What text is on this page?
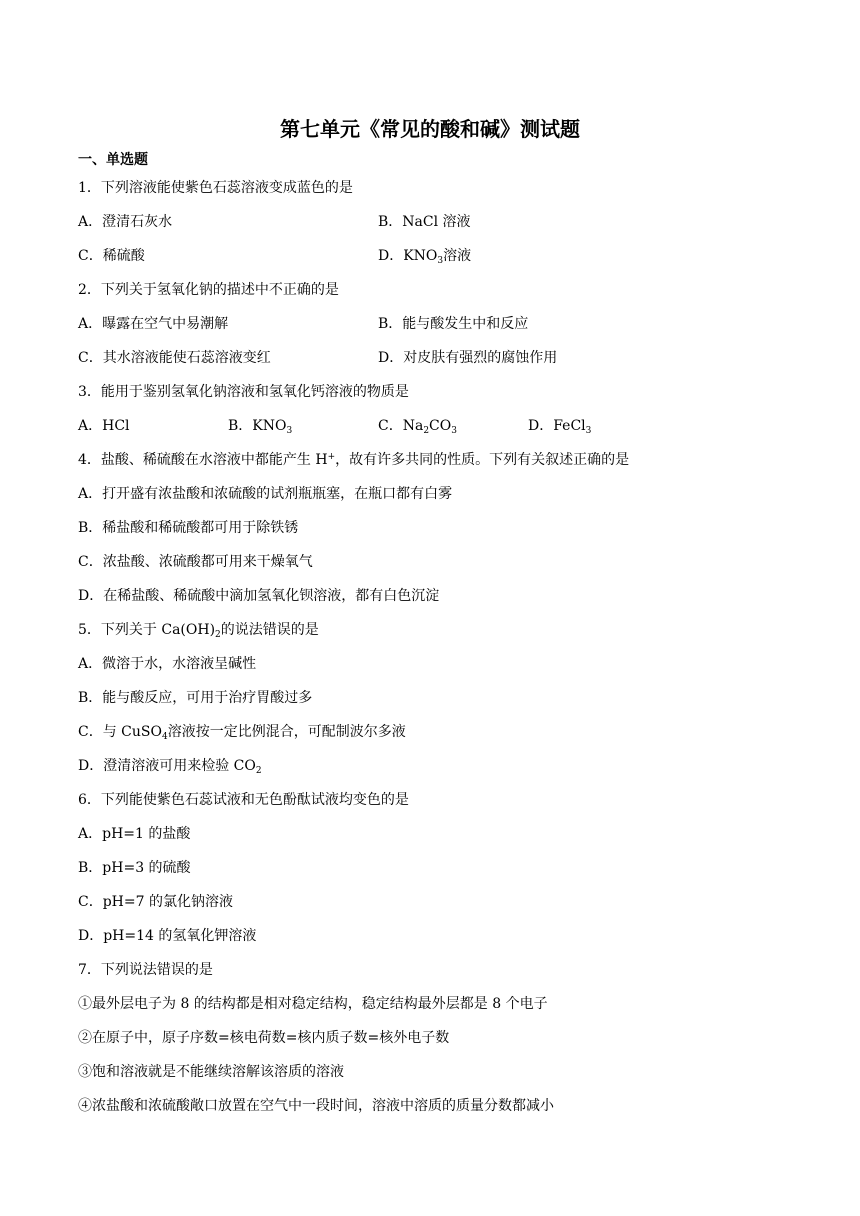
第七单元《常见的酸和碱》测试题
一、单选题
1．下列溶液能使紫色石蕊溶液变成蓝色的是
A．澄清石灰水	B．NaCl 溶液
C．稀硫酸	D．$KNO_3$溶液
2．下列关于氢氧化钠的描述中不正确的是
A．曝露在空气中易潮解	B．能与酸发生中和反应
C．其水溶液能使石蕊溶液变红	D．对皮肤有强烈的腐蚀作用
3．能用于鉴别氢氧化钠溶液和氢氧化钙溶液的物质是
A．HCl	B．$KNO_3$	C．$Na_2CO_3$	D．FeCl$_3$
4．盐酸、稀硫酸在水溶液中都能产生 H+，故有许多共同的性质。下列有关叙述正确的是
A．打开盛有浓盐酸和浓硫酸的试剂瓶瓶塞，在瓶口都有白雾
B．稀盐酸和稀硫酸都可用于除铁锈
C．浓盐酸、浓硫酸都可用来干燥氧气
D．在稀盐酸、稀硫酸中滴加氢氧化钡溶液，都有白色沉淀
5．下列关于 $Ca(OH)_2$的说法错误的是
A．微溶于水，水溶液呈碱性
B．能与酸反应，可用于治疗胃酸过多
C．与 CuSO$_4$溶液按一定比例混合，可配制波尔多液
D．澄清溶液可用来检验 $CO_2$
6．下列能使紫色石蕊试液和无色酚酞试液均变色的是
A．pH=1 的盐酸
B．pH=3 的硫酸
C．pH=7 的氯化钠溶液
D．pH=14 的氢氧化钾溶液
7．下列说法错误的是
①最外层电子为 8 的结构都是相对稳定结构，稳定结构最外层都是 8 个电子
②在原子中，原子序数=核电荷数=核内质子数=核外电子数
③饱和溶液就是不能继续溶解该溶质的溶液
④浓盐酸和浓硫酸敞口放置在空气中一段时间，溶液中溶质的质量分数都减小
